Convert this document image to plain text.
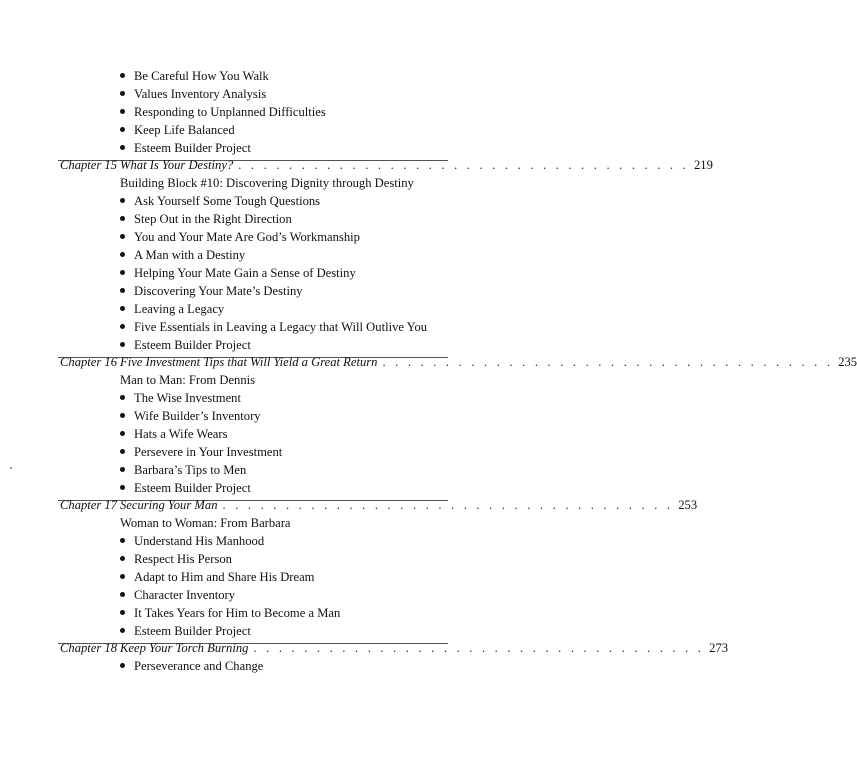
Be Careful How You Walk
Values Inventory Analysis
Responding to Unplanned Difficulties
Keep Life Balanced
Esteem Builder Project
Chapter 15 What Is Your Destiny? . . . . . . . . . . . . . . . . . . . . . . . . . . . . . . . . . . . . 219
Building Block #10: Discovering Dignity through Destiny
Ask Yourself Some Tough Questions
Step Out in the Right Direction
You and Your Mate Are God’s Workmanship
A Man with a Destiny
Helping Your Mate Gain a Sense of Destiny
Discovering Your Mate’s Destiny
Leaving a Legacy
Five Essentials in Leaving a Legacy that Will Outlive You
Esteem Builder Project
Chapter 16 Five Investment Tips that Will Yield a Great Return . . . . . . . . . . . . . . . . . . . . . . . . . . . . . . . . . . . . 235
Man to Man: From Dennis
The Wise Investment
Wife Builder’s Inventory
Hats a Wife Wears
Persevere in Your Investment
Barbara’s Tips to Men
Esteem Builder Project
Chapter 17 Securing Your Man . . . . . . . . . . . . . . . . . . . . . . . . . . . . . . . . . . . . 253
Woman to Woman: From Barbara
Understand His Manhood
Respect His Person
Adapt to Him and Share His Dream
Character Inventory
It Takes Years for Him to Become a Man
Esteem Builder Project
Chapter 18 Keep Your Torch Burning . . . . . . . . . . . . . . . . . . . . . . . . . . . . . . . . . . . . 273
Perseverance and Change
